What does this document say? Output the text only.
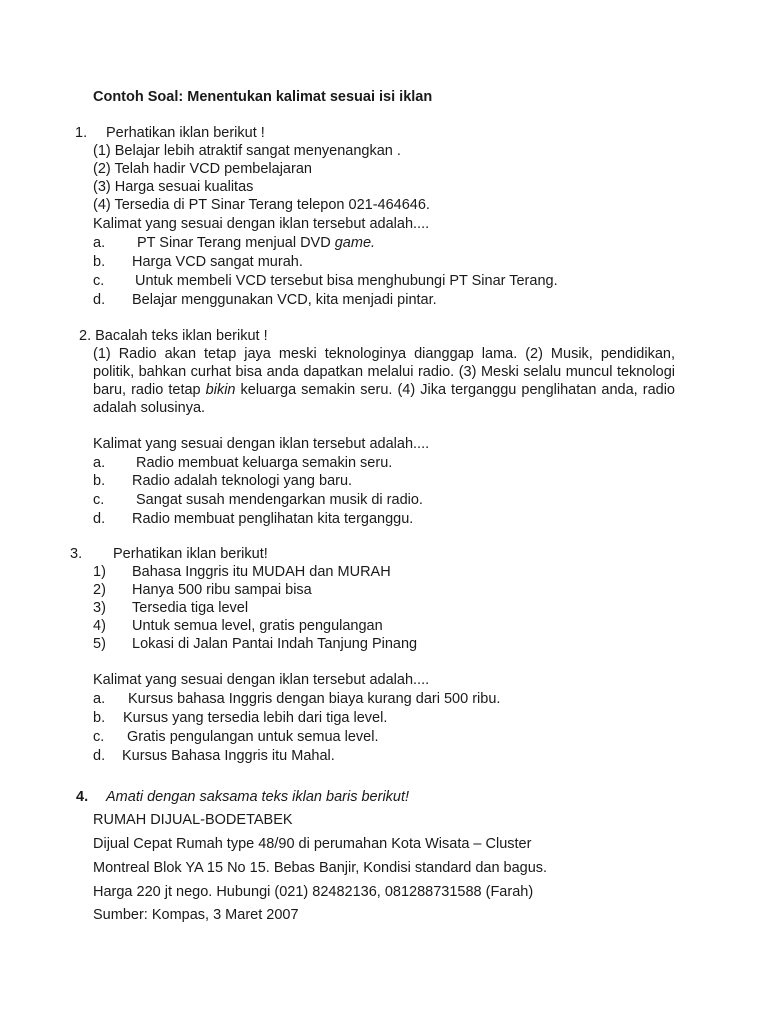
Contoh Soal: Menentukan kalimat sesuai isi iklan
1. Perhatikan iklan berikut !
(1) Belajar lebih atraktif sangat menyenangkan .
(2) Telah hadir VCD pembelajaran
(3) Harga sesuai kualitas
(4) Tersedia di PT Sinar Terang telepon 021-464646.
Kalimat yang sesuai dengan iklan tersebut adalah....
a. PT Sinar Terang menjual DVD game.
b. Harga VCD sangat murah.
c. Untuk membeli VCD tersebut bisa menghubungi PT Sinar Terang.
d. Belajar menggunakan VCD, kita menjadi pintar.
2. Bacalah teks iklan berikut !

(1) Radio akan tetap jaya meski teknologinya dianggap lama. (2) Musik, pendidikan, politik, bahkan curhat bisa anda dapatkan melalui radio. (3) Meski selalu muncul teknologi baru, radio tetap bikin keluarga semakin seru. (4) Jika terganggu penglihatan anda, radio adalah solusinya.

Kalimat yang sesuai dengan iklan tersebut adalah....
a. Radio membuat keluarga semakin seru.
b. Radio adalah teknologi yang baru.
c. Sangat susah mendengarkan musik di radio.
d. Radio membuat penglihatan kita terganggu.
3. Perhatikan iklan berikut!
1) Bahasa Inggris itu MUDAH dan MURAH
2) Hanya 500 ribu sampai bisa
3) Tersedia tiga level
4) Untuk semua level, gratis pengulangan
5) Lokasi di Jalan Pantai Indah Tanjung Pinang
Kalimat yang sesuai dengan iklan tersebut adalah....
a. Kursus bahasa Inggris dengan biaya kurang dari 500 ribu.
b. Kursus yang tersedia lebih dari tiga level.
c. Gratis pengulangan untuk semua level.
d. Kursus Bahasa Inggris itu Mahal.
4. Amati dengan saksama teks iklan baris berikut!
RUMAH DIJUAL-BODETABEK
Dijual Cepat Rumah type 48/90 di perumahan Kota Wisata – Cluster
Montreal Blok YA 15 No 15. Bebas Banjir, Kondisi standard dan bagus.
Harga 220 jt nego. Hubungi (021) 82482136, 081288731588 (Farah)
Sumber: Kompas, 3 Maret 2007
